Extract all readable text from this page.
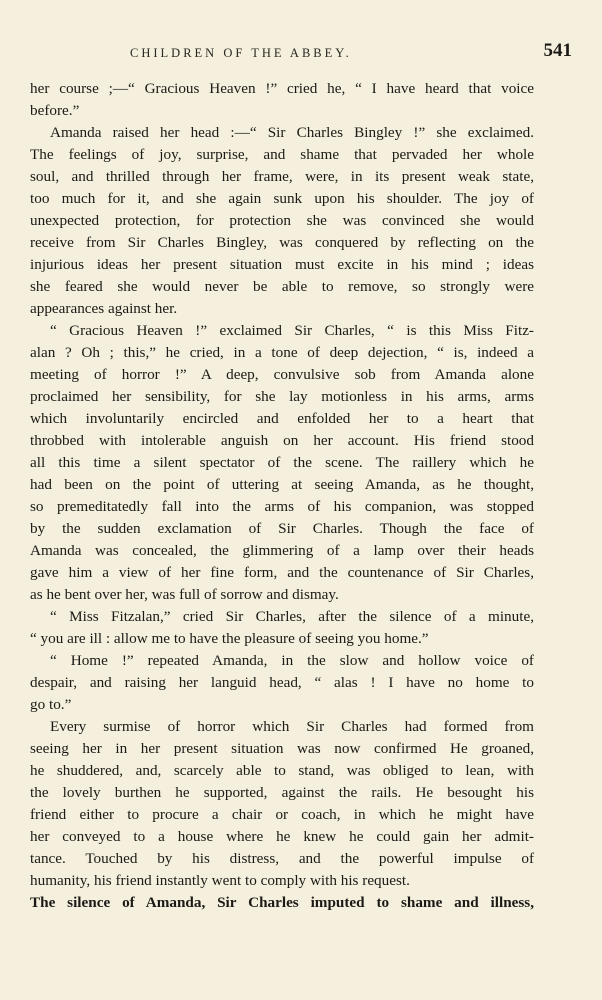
CHILDREN OF THE ABBEY.	541
her course ;—“ Gracious Heaven !” cried he, “ I have heard that voice
before.”
Amanda raised her head :—“ Sir Charles Bingley !” she exclaimed.
The feelings of joy, surprise, and shame that pervaded her whole
soul, and thrilled through her frame, were, in its present weak state,
too much for it, and she again sunk upon his shoulder. The joy of
unexpected protection, for protection she was convinced she would
receive from Sir Charles Bingley, was conquered by reflecting on the
injurious ideas her present situation must excite in his mind ; ideas
she feared she would never be able to remove, so strongly were
appearances against her.
“ Gracious Heaven !” exclaimed Sir Charles, “ is this Miss Fitz-
alan ? Oh ; this,” he cried, in a tone of deep dejection, “ is, indeed a
meeting of horror !” A deep, convulsive sob from Amanda alone
proclaimed her sensibility, for she lay motionless in his arms, arms
which involuntarily encircled and enfolded her to a heart that
throbbed with intolerable anguish on her account. His friend stood
all this time a silent spectator of the scene. The raillery which he
had been on the point of uttering at seeing Amanda, as he thought,
so premeditatedly fall into the arms of his companion, was stopped
by the sudden exclamation of Sir Charles. Though the face of
Amanda was concealed, the glimmering of a lamp over their heads
gave him a view of her fine form, and the countenance of Sir Charles,
as he bent over her, was full of sorrow and dismay.
“ Miss Fitzalan,” cried Sir Charles, after the silence of a minute,
“ you are ill : allow me to have the pleasure of seeing you home.”
“ Home !” repeated Amanda, in the slow and hollow voice of
despair, and raising her languid head, “ alas ! I have no home to
go to.”
Every surmise of horror which Sir Charles had formed from
seeing her in her present situation was now confirmed He groaned,
he shuddered, and, scarcely able to stand, was obliged to lean, with
the lovely burthen he supported, against the rails. He besought his
friend either to procure a chair or coach, in which he might have
her conveyed to a house where he knew he could gain her admit-
tance. Touched by his distress, and the powerful impulse of
humanity, his friend instantly went to comply with his request.
The silence of Amanda, Sir Charles imputed to shame and illness,
